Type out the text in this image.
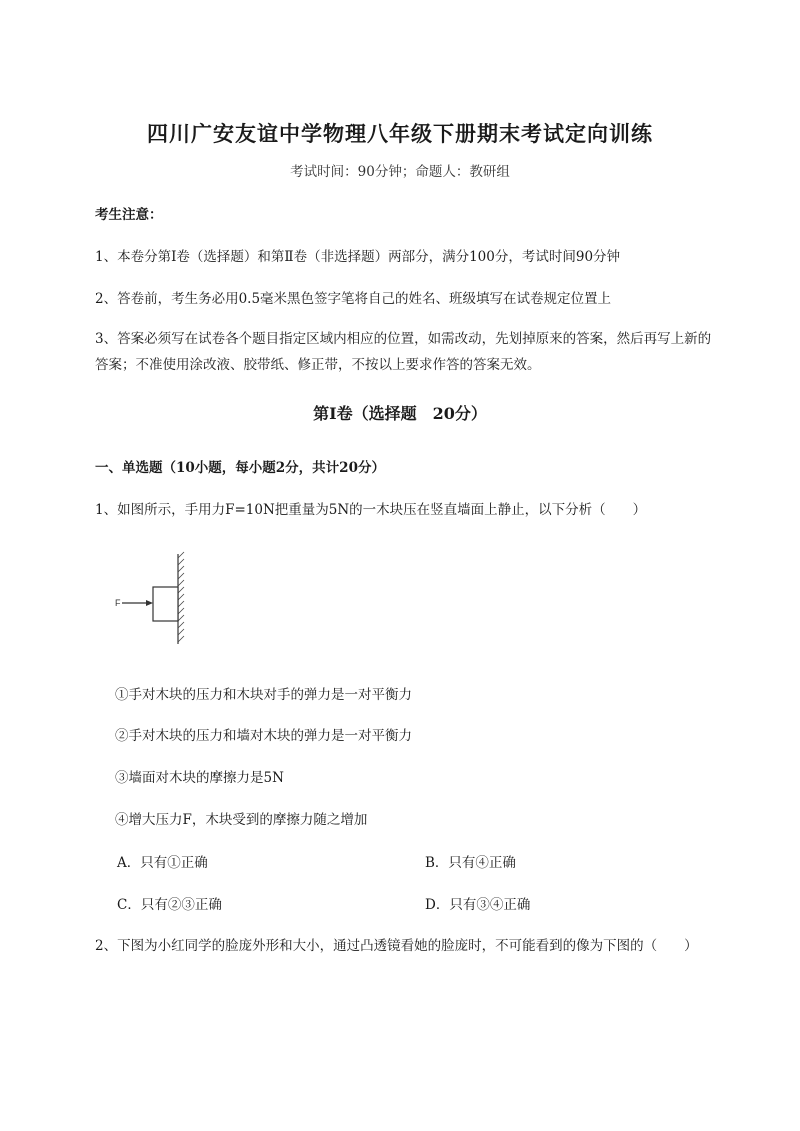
四川广安友谊中学物理八年级下册期末考试定向训练
考试时间：90分钟；命题人：教研组
考生注意：
1、本卷分第Ⅰ卷（选择题）和第Ⅱ卷（非选择题）两部分，满分100分，考试时间90分钟
2、答卷前，考生务必用0.5毫米黑色签字笔将自己的姓名、班级填写在试卷规定位置上
3、答案必须写在试卷各个题目指定区域内相应的位置，如需改动，先划掉原来的答案，然后再写上新的答案；不准使用涂改液、胶带纸、修正带，不按以上要求作答的答案无效。
第Ⅰ卷（选择题　20分）
一、单选题（10小题，每小题2分，共计20分）
1、如图所示，手用力F=10N把重量为5N的一木块压在竖直墙面上静止，以下分析（　　）
F
①手对木块的压力和木块对手的弹力是一对平衡力
②手对木块的压力和墙对木块的弹力是一对平衡力
③墙面对木块的摩擦力是5N
④增大压力F，木块受到的摩擦力随之增加
A．只有①正确	B．只有④正确
C．只有②③正确	D．只有③④正确
2、下图为小红同学的脸庞外形和大小，通过凸透镜看她的脸庞时，不可能看到的像为下图的（　　）
